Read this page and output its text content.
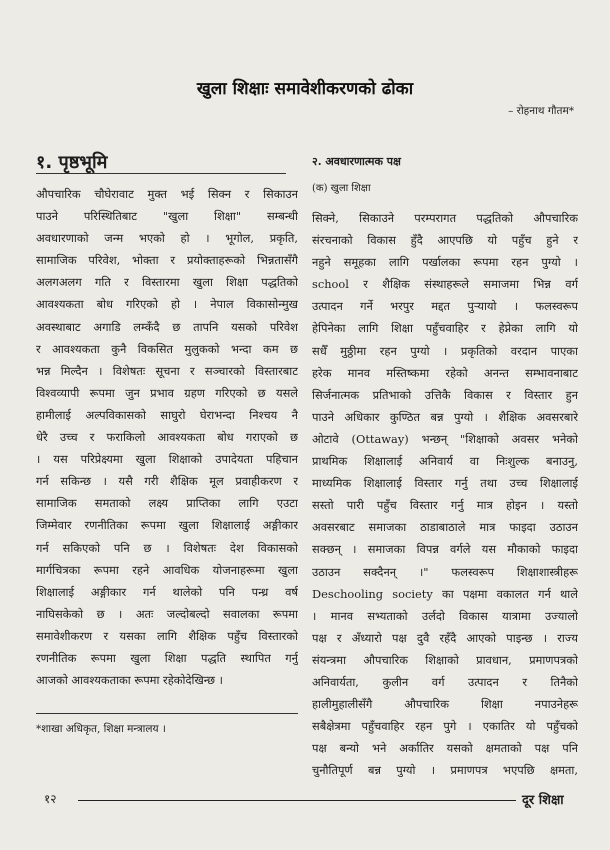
खुला शिक्षाः समावेशीकरणको ढोका
– रोहनाथ गौतम*
१. पृष्ठभूमि
औपचारिक चौघेरावाट मुक्त भई सिक्न र सिकाउन
पाउने परिस्थितिबाट "खुला शिक्षा" सम्बन्धी
अवधारणाको जन्म भएको हो । भूगोल, प्रकृति,
सामाजिक परिवेश, भोक्ता र प्रयोक्ताहरूको भिन्नतासँगै
अलगअलग गति र विस्तारमा खुला शिक्षा पद्धतिको
आवश्यकता बोध गरिएको हो । नेपाल विकासोन्मुख
अवस्थाबाट अगाडि लम्कँदै छ तापनि यसको परिवेश
र आवश्यकता कुनै विकसित मुलुकको भन्दा कम छ
भन्न मिल्दैन । विशेषतः सूचना र सञ्चारको विस्तारबाट
विश्वव्यापी रूपमा जुन प्रभाव ग्रहण गरिएको छ यसले
हामीलाई अल्पविकासको साघुरो घेराभन्दा निश्चय नै
धेरै उच्च र फराकिलो आवश्यकता बोध गराएको छ
। यस परिप्रेक्ष्यमा खुला शिक्षाको उपादेयता पहिचान
गर्न सकिन्छ । यसै गरी शैक्षिक मूल प्रवाहीकरण र
सामाजिक समताको लक्ष्य प्राप्तिका लागि एउटा
जिम्मेवार रणनीतिका रूपमा खुला शिक्षालाई अङ्गीकार
गर्न सकिएको पनि छ । विशेषतः देश विकासको
मार्गचित्रका रूपमा रहने आवधिक योजनाहरूमा खुला
शिक्षालाई अङ्गीकार गर्न थालेको पनि पन्ध्र वर्ष
नाघिसकेको छ । अतः जल्दोबल्दो सवालका रूपमा
समावेशीकरण र यसका लागि शैक्षिक पहुँच विस्तारको
रणनीतिक रूपमा खुला शिक्षा पद्धति स्थापित गर्नु
आजको आवश्यकताका रूपमा रहेकोदेखिन्छ ।
२. अवधारणात्मक पक्ष
(क) खुला शिक्षा
सिक्ने, सिकाउने परम्परागत पद्धतिको औपचारिक
संरचनाको विकास हुँदै आएपछि यो पहुँच हुने र
नहुने समूहका लागि पर्खालका रूपमा रहन पुग्यो ।
school र शैक्षिक संस्थाहरूले समाजमा भिन्न वर्ग
उत्पादन गर्ने भरपुर मद्दत पुऱ्यायो । फलस्वरूप
हेपिनेका लागि शिक्षा पहुँचवाहिर र हेप्नेका लागि यो
सधैँ मुठ्ठीमा रहन पुग्यो । प्रकृतिको वरदान पाएका
हरेक मानव मस्तिष्कमा रहेको अनन्त सम्भावनाबाट
सिर्जनात्मक प्रतिभाको उत्तिकै विकास र विस्तार हुन
पाउने अधिकार कुण्ठित बन्न पुग्यो । शैक्षिक अवसरबारे
ओटावे (Ottaway) भन्छन् "शिक्षाको अवसर भनेको
प्राथमिक शिक्षालाई अनिवार्य वा निःशुल्क बनाउनु,
माध्यमिक शिक्षालाई विस्तार गर्नु तथा उच्च शिक्षालाई
सस्तो पारी पहुँच विस्तार गर्नु मात्र होइन । यस्तो
अवसरबाट समाजका ठाडाबाठाले मात्र फाइदा उठाउन
सक्छन् । समाजका विपन्न वर्गले यस मौकाको फाइदा
उठाउन सक्दैनन् ।" फलस्वरूप शिक्षाशास्त्रीहरू
Deschooling society का पक्षमा वकालत गर्न थाले
। मानव सभ्यताको उर्लदो विकास यात्रामा उज्यालो
पक्ष र अँध्यारो पक्ष दुवै रहँदै आएको पाइन्छ । राज्य
संयन्त्रमा औपचारिक शिक्षाको प्रावधान, प्रमाणपत्रको
अनिवार्यता, कुलीन वर्ग उत्पादन र तिनैको
हालीमुहालीसँगै औपचारिक शिक्षा नपाउनेहरू
सबैक्षेत्रमा पहुँचवाहिर रहन पुगे । एकातिर यो पहुँचको
पक्ष बन्यो भने अर्कातिर यसको क्षमताको पक्ष पनि
चुनौतिपूर्ण बन्न पुग्यो । प्रमाणपत्र भएपछि क्षमता,
*शाखा अधिकृत, शिक्षा मन्त्रालय ।
१२	दूर शिक्षा
